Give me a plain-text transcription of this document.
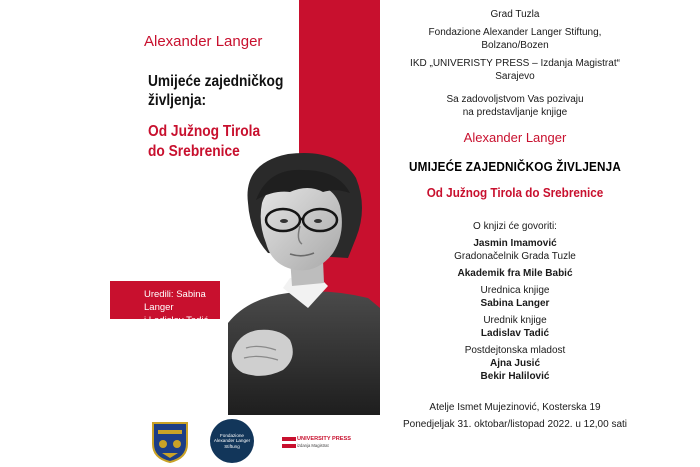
Alexander Langer
Umijeće zajedničkog
življenja:
Od Južnog Tirola
do Srebrenice
Uredili: Sabina Langer
i Ladislav Tadić
Grad Tuzla
Fondazione Alexander Langer Stiftung,
Bolzano/Bozen
IKD „UNIVERISTY PRESS – Izdanja Magistrat“
Sarajevo
Sa zadovoljstvom Vas pozivaju
na predstavljanje knjige
Alexander Langer
UMIJEĆE ZAJEDNIČKOG ŽIVLJENJA
Od Južnog Tirola do Srebrenice
O knjizi će govoriti:
Jasmin Imamović
Gradonačelnik Grada Tuzle
Akademik fra Mile Babić
Urednica knjige
Sabina Langer
Urednik knjige
Ladislav Tadić
Postdejtonska mladost
Ajna Jusić
Bekir Halilović
Atelje Ismet Mujezinović, Kosterska 19
Ponedjeljak 31. oktobar/listopad 2022. u 12,00 sati
Fondazione
Alexander Langer
Stiftung
UNIVERSITY PRESS
izdanja Magistrat
